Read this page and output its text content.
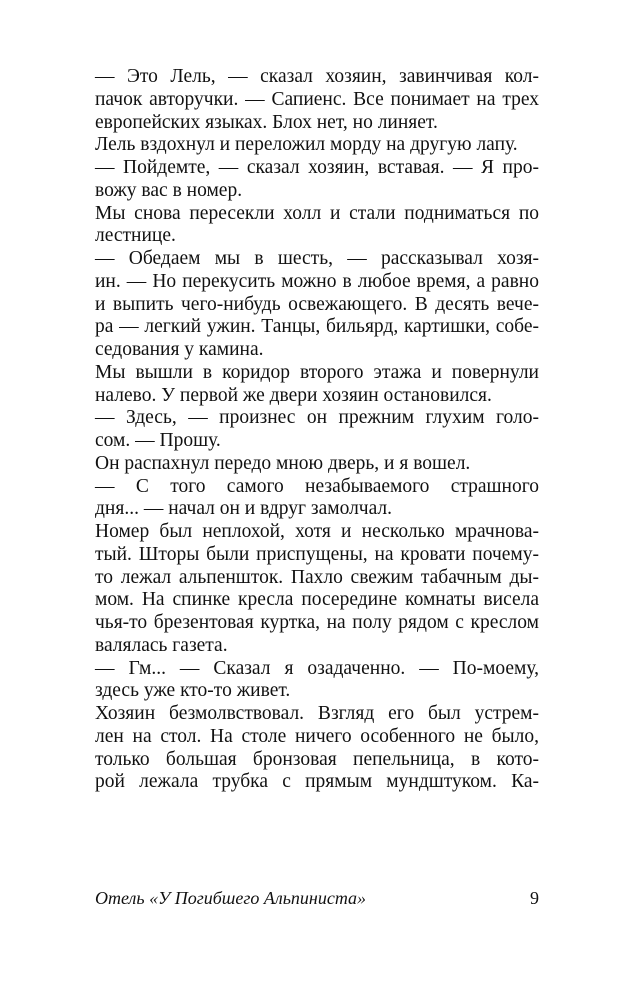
— Это Лель, — сказал хозяин, завинчивая кол-
пачок авторучки. — Сапиенс. Все понимает на трех
европейских языках. Блох нет, но линяет.
Лель вздохнул и переложил морду на другую лапу.
— Пойдемте, — сказал хозяин, вставая. — Я про-
вожу вас в номер.
Мы снова пересекли холл и стали подниматься по
лестнице.
— Обедаем мы в шесть, — рассказывал хозя-
ин. — Но перекусить можно в любое время, а равно
и выпить чего-нибудь освежающего. В десять вече-
ра — легкий ужин. Танцы, бильярд, картишки, собе-
седования у камина.
Мы вышли в коридор второго этажа и повернули
налево. У первой же двери хозяин остановился.
— Здесь, — произнес он прежним глухим голо-
сом. — Прошу.
Он распахнул передо мною дверь, и я вошел.
— С того самого незабываемого страшного
дня... — начал он и вдруг замолчал.
Номер был неплохой, хотя и несколько мрачнова-
тый. Шторы были приспущены, на кровати почему-
то лежал альпеншток. Пахло свежим табачным ды-
мом. На спинке кресла посередине комнаты висела
чья-то брезентовая куртка, на полу рядом с креслом
валялась газета.
— Гм... — Сказал я озадаченно. — По-моему,
здесь уже кто-то живет.
Хозяин безмолвствовал. Взгляд его был устрем-
лен на стол. На столе ничего особенного не было,
только большая бронзовая пепельница, в кото-
рой лежала трубка с прямым мундштуком. Ка-
Отель «У Погибшего Альпиниста»	9
